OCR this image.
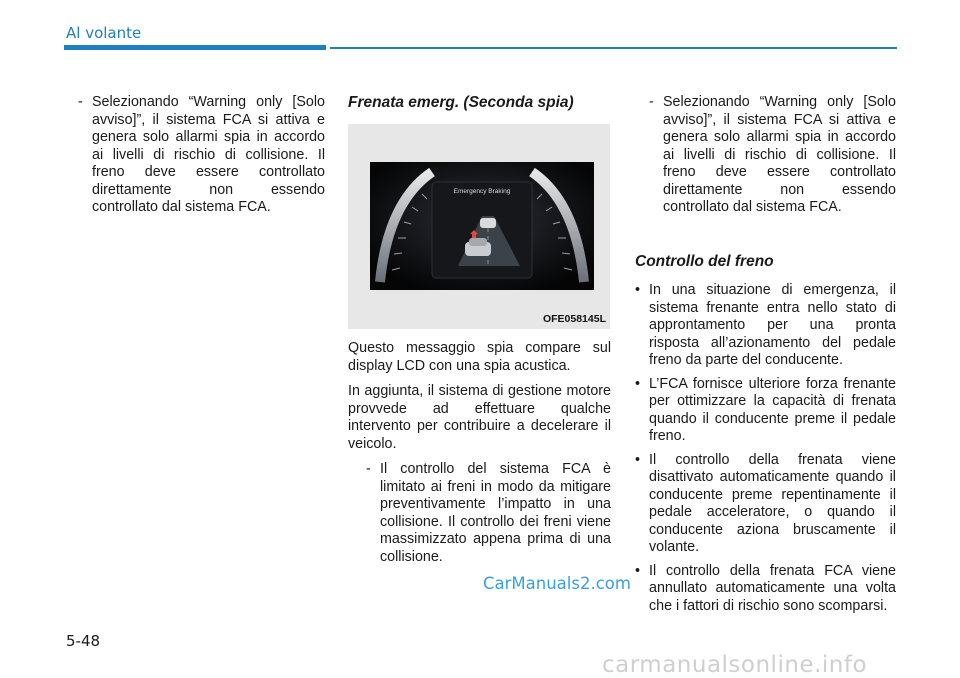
Al volante
- Selezionando “Warning only [Solo avviso]”, il sistema FCA si attiva e genera solo allarmi spia in accordo ai livelli di rischio di collisione. Il freno deve essere controllato direttamente non essendo controllato dal sistema FCA.
Frenata emerg. (Seconda spia)
Emergency Braking
OFE058145L

Questo messaggio spia compare sul display LCD con una spia acustica.

In aggiunta, il sistema di gestione motore provvede ad effettuare qualche intervento per contribuire a decelerare il veicolo.

- Il controllo del sistema FCA è limitato ai freni in modo da mitigare preventivamente l’impatto in una collisione. Il controllo dei freni viene massimizzato appena prima di una collisione.
- Selezionando “Warning only [Solo avviso]”, il sistema FCA si attiva e genera solo allarmi spia in accordo ai livelli di rischio di collisione. Il freno deve essere controllato direttamente non essendo controllato dal sistema FCA.
Controllo del freno
• In una situazione di emergenza, il sistema frenante entra nello stato di approntamento per una pronta risposta all’azionamento del pedale freno da parte del conducente.
• L’FCA fornisce ulteriore forza frenante per ottimizzare la capacità di frenata quando il conducente preme il pedale freno.
• Il controllo della frenata viene disattivato automaticamente quando il conducente preme repentinamente il pedale acceleratore, o quando il conducente aziona bruscamente il volante.
• Il controllo della frenata FCA viene annullato automaticamente una volta che i fattori di rischio sono scomparsi.
5-48
CarManuals2.com
carmanualsonline.info
